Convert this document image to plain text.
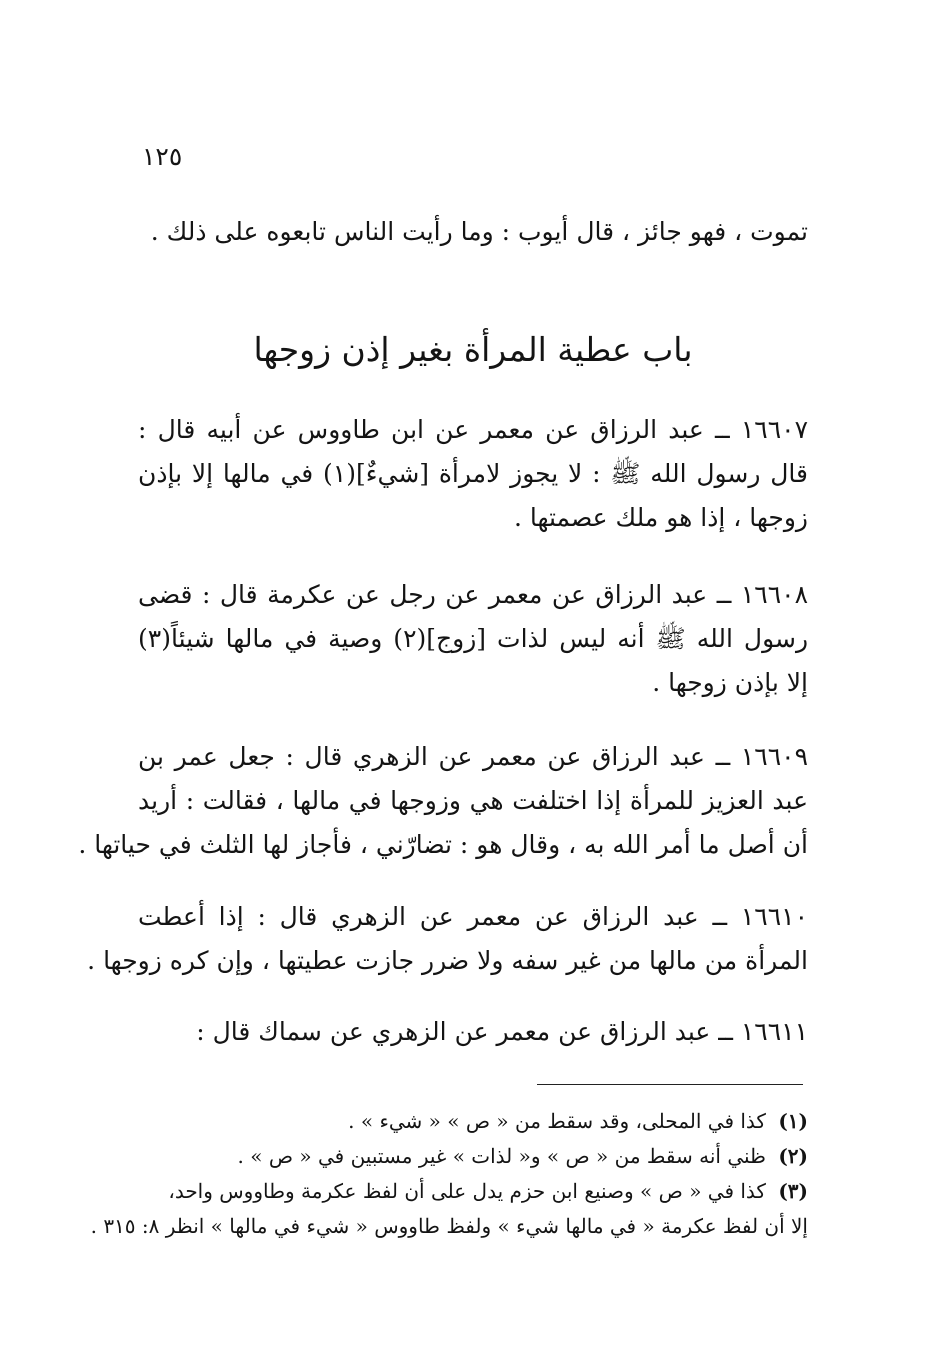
١٢٥
تموت ، فهو جائز ، قال أيوب : وما رأيت الناس تابعوه على ذلك .
باب عطية المرأة بغير إذن زوجها
١٦٦٠٧ ــ عبد الرزاق عن معمر عن ابن طاووس عن أبيه قال :
قال رسول الله ﷺ : لا يجوز لامرأة [شيءٌ](١) في مالها إلا بإذن
زوجها ، إذا هو ملك عصمتها .
١٦٦٠٨ ــ عبد الرزاق عن معمر عن رجل عن عكرمة قال : قضى
رسول الله ﷺ أنه ليس لذات [زوج](٢) وصية في مالها شيئاً(٣)
إلا بإذن زوجها .
١٦٦٠٩ ــ عبد الرزاق عن معمر عن الزهري قال : جعل عمر بن
عبد العزيز للمرأة إذا اختلفت هي وزوجها في مالها ، فقالت : أريد
أن أصل ما أمر الله به ، وقال هو : تضارّني ، فأجاز لها الثلث في حياتها .
١٦٦١٠ ــ عبد الرزاق عن معمر عن الزهري قال : إذا أعطت
المرأة من مالها من غير سفه ولا ضرر جازت عطيتها ، وإن كره زوجها .
١٦٦١١ ــ عبد الرزاق عن معمر عن الزهري عن سماك قال :
(١) كذا في المحلى، وقد سقط من « ص » « شيء » .
(٢) ظني أنه سقط من « ص » و« لذات » غير مستبين في « ص » .
(٣) كذا في « ص » وصنيع ابن حزم يدل على أن لفظ عكرمة وطاووس واحد،
إلا أن لفظ عكرمة « في مالها شيء » ولفظ طاووس « شيء في مالها » انظر ٨: ٣١٥ .
